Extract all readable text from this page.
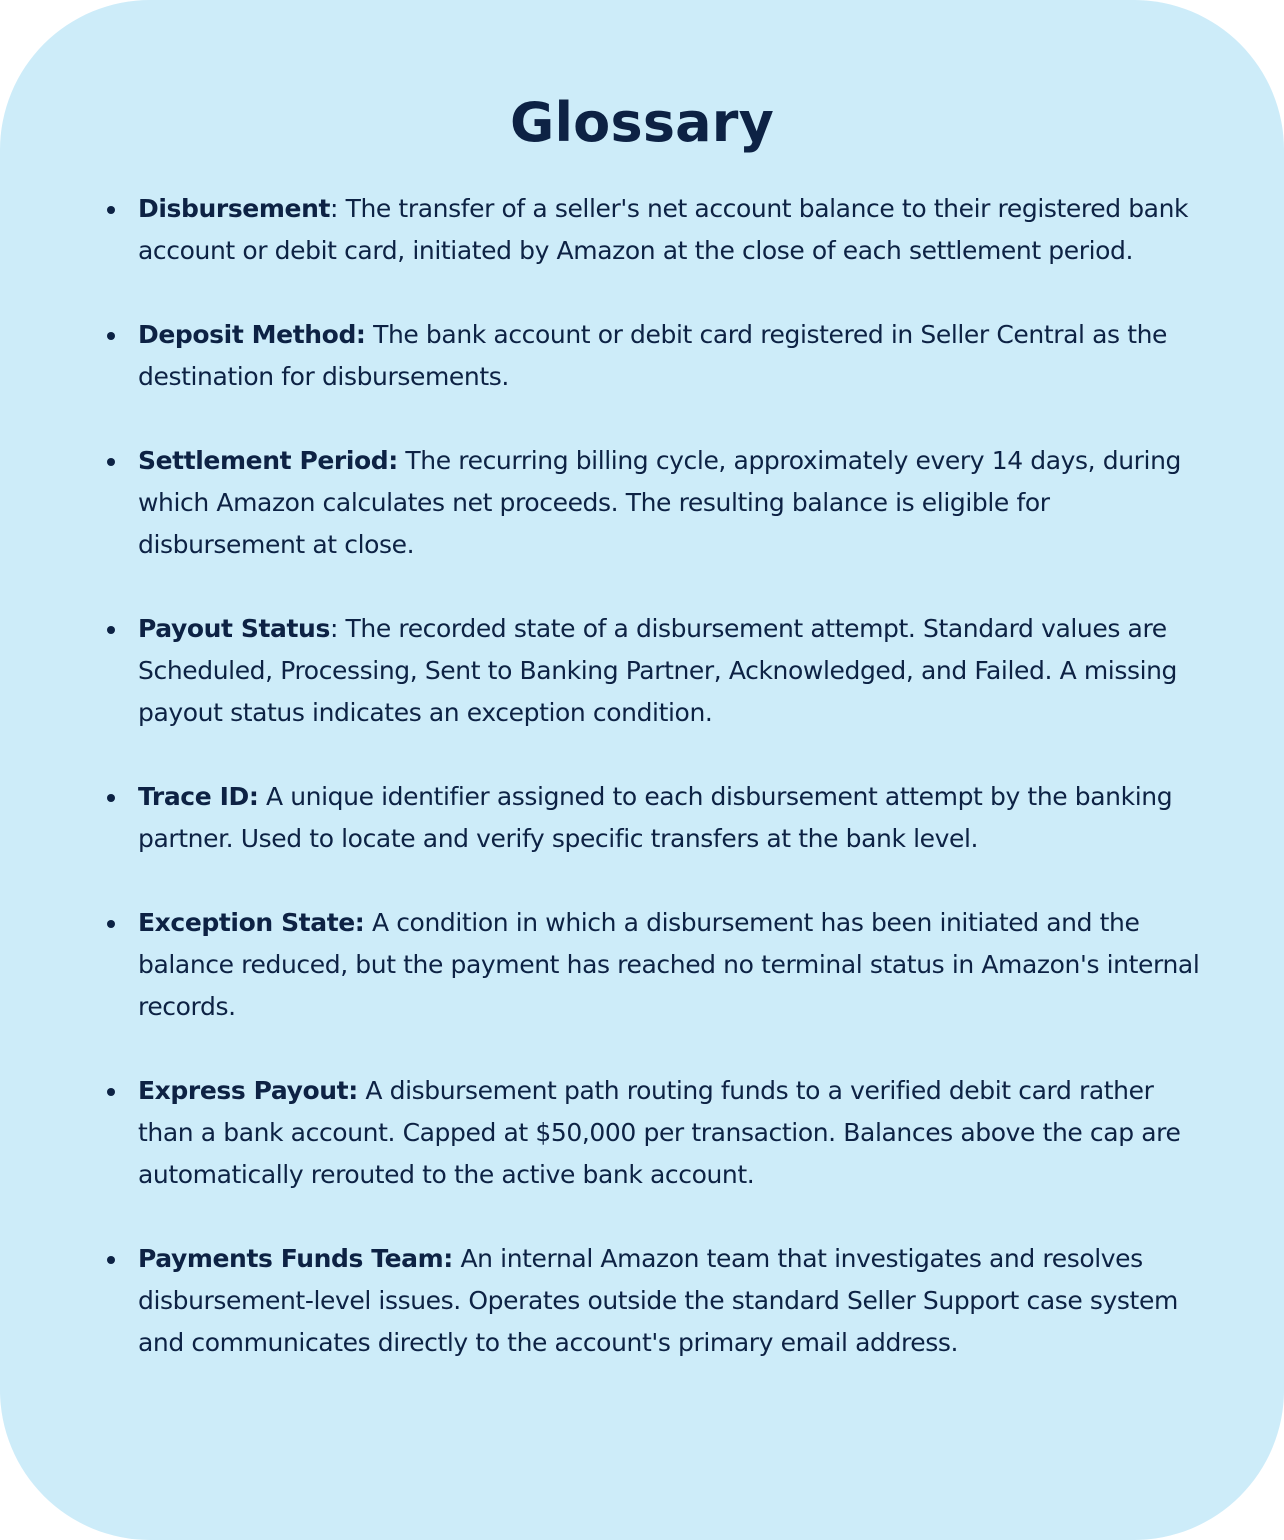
Glossary
Disbursement: The transfer of a seller's net account balance to their registered bank account or debit card, initiated by Amazon at the close of each settlement period.
Deposit Method: The bank account or debit card registered in Seller Central as the destination for disbursements.
Settlement Period: The recurring billing cycle, approximately every 14 days, during which Amazon calculates net proceeds. The resulting balance is eligible for disbursement at close.
Payout Status: The recorded state of a disbursement attempt. Standard values are Scheduled, Processing, Sent to Banking Partner, Acknowledged, and Failed. A missing payout status indicates an exception condition.
Trace ID: A unique identifier assigned to each disbursement attempt by the banking partner. Used to locate and verify specific transfers at the bank level.
Exception State: A condition in which a disbursement has been initiated and the balance reduced, but the payment has reached no terminal status in Amazon's internal records.
Express Payout: A disbursement path routing funds to a verified debit card rather than a bank account. Capped at $50,000 per transaction. Balances above the cap are automatically rerouted to the active bank account.
Payments Funds Team: An internal Amazon team that investigates and resolves disbursement-level issues. Operates outside the standard Seller Support case system and communicates directly to the account's primary email address.
